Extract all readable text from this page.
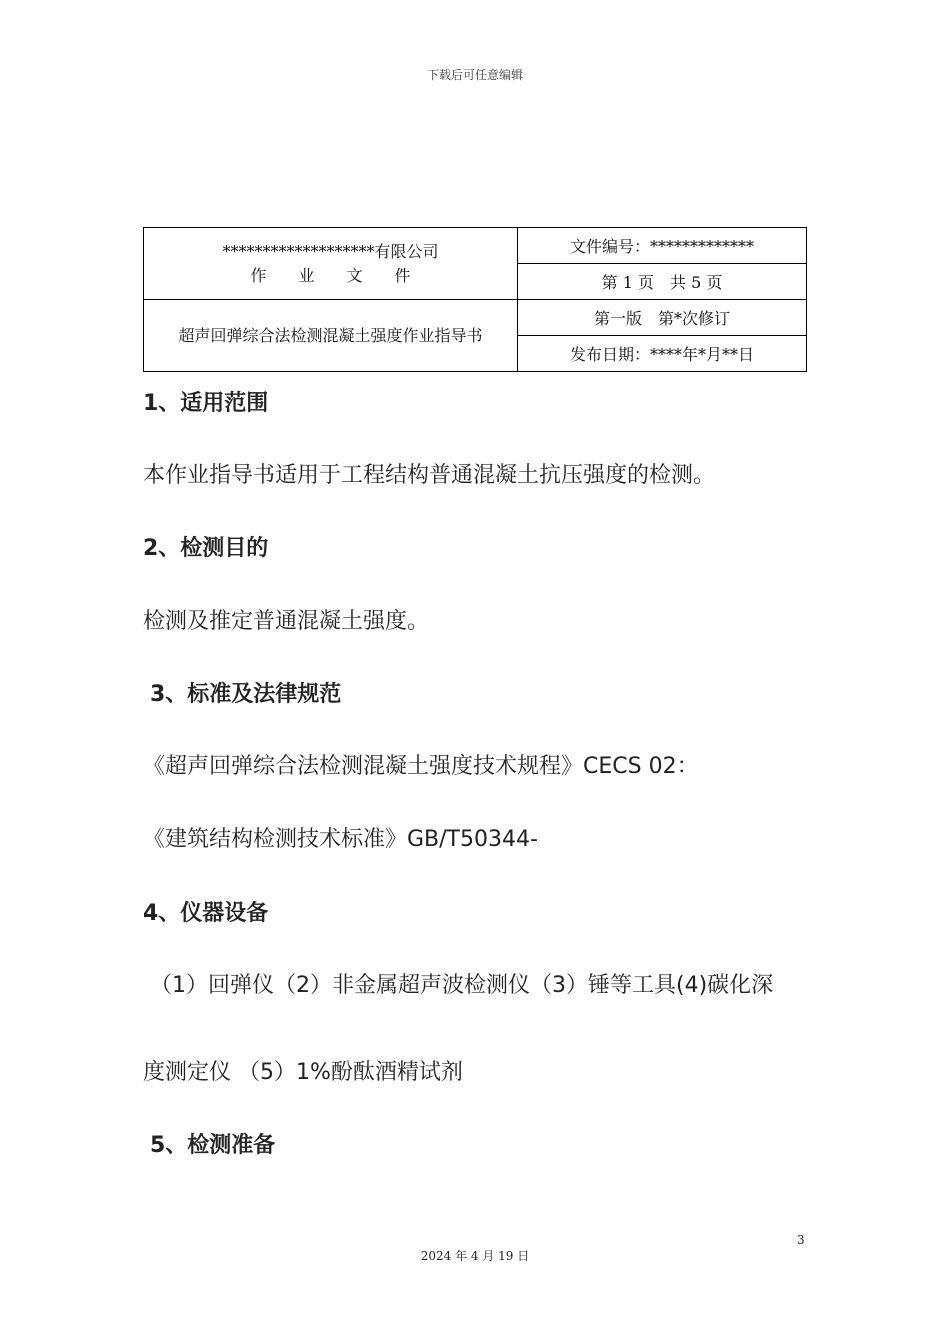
下载后可任意编辑
*******************有限公司
作　　业　　文　　件	文件编号：*************
	第 1 页　共 5 页
超声回弹综合法检测混凝土强度作业指导书	第一版　第*次修订
	发布日期：****年*月**日
1、适用范围
本作业指导书适用于工程结构普通混凝土抗压强度的检测。
2、检测目的
检测及推定普通混凝土强度。
3、标准及法律规范
《超声回弹综合法检测混凝土强度技术规程》CECS 02：
《建筑结构检测技术标准》GB/T50344-
4、仪器设备
（1）回弹仪（2）非金属超声波检测仪（3）锤等工具(4)碳化深
度测定仪 （5）1%酚酞酒精试剂
5、检测准备
3
2024 年 4 月 19 日
